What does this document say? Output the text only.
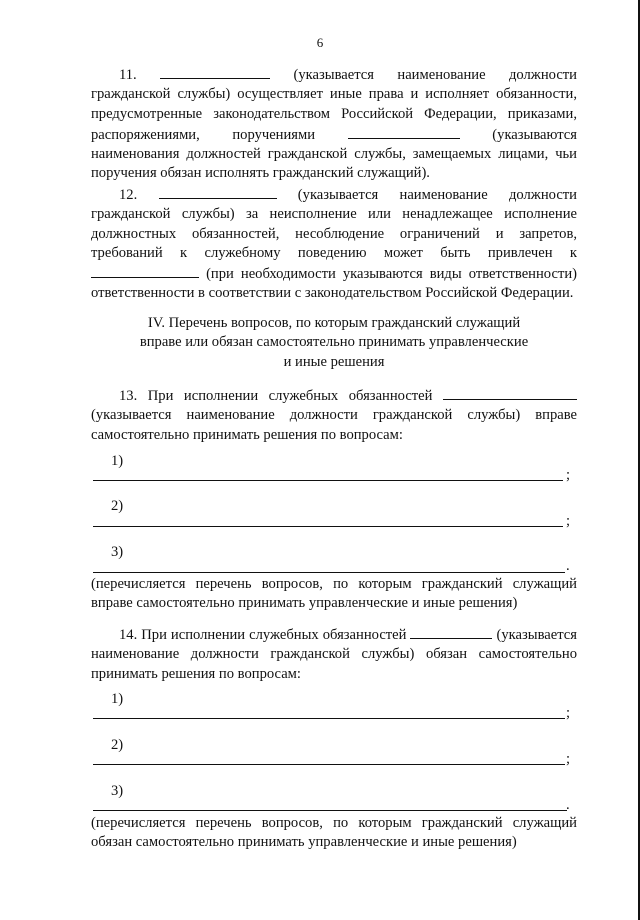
6
11.	(указывается наименование должности гражданской службы) осуществляет иные права и исполняет обязанности, предусмотренные законодательством Российской Федерации, приказами, распоряжениями, поручениями	(указываются наименования должностей гражданской службы, замещаемых лицами, чьи поручения обязан исполнять гражданский служащий).
12.	(указывается наименование должности гражданской службы) за неисполнение или ненадлежащее исполнение должностных обязанностей, несоблюдение ограничений и запретов, требований к служебному поведению может быть привлечен к  (при необходимости указываются виды ответственности) ответственности в соответствии с законодательством Российской Федерации.
IV. Перечень вопросов, по которым гражданский служащий
вправе или обязан самостоятельно принимать управленческие
и иные решения
13. При исполнении служебных обязанностей  (указывается наименование должности гражданской службы) вправе самостоятельно принимать решения по вопросам:
1)
;
2)
;
3)
.
(перечисляется перечень вопросов, по которым гражданский служащий вправе самостоятельно принимать управленческие и иные решения)
14. При исполнении служебных обязанностей	(указывается наименование должности гражданской службы) обязан самостоятельно принимать решения по вопросам:
1)
;
2)
;
3)
.
(перечисляется перечень вопросов, по которым гражданский служащий обязан самостоятельно принимать управленческие и иные решения)
